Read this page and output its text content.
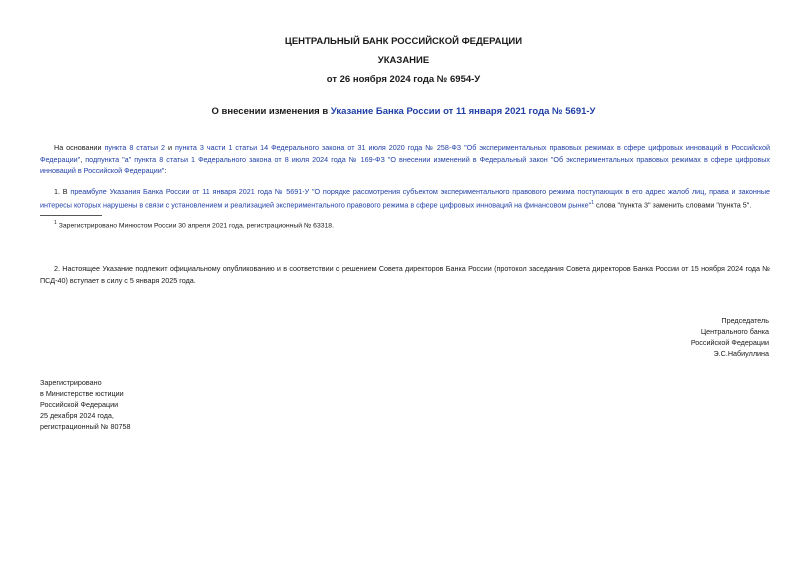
ЦЕНТРАЛЬНЫЙ БАНК РОССИЙСКОЙ ФЕДЕРАЦИИ
УКАЗАНИЕ
от 26 ноября 2024 года № 6954-У
О внесении изменения в Указание Банка России от 11 января 2021 года № 5691-У
На основании пункта 8 статьи 2 и пункта 3 части 1 статьи 14 Федерального закона от 31 июля 2020 года № 258-ФЗ "Об экспериментальных правовых режимах в сфере цифровых инноваций в Российской Федерации", подпункта "а" пункта 8 статьи 1 Федерального закона от 8 июля 2024 года № 169-ФЗ "О внесении изменений в Федеральный закон "Об экспериментальных правовых режимах в сфере цифровых инноваций в Российской Федерации":
1. В преамбуле Указания Банка России от 11 января 2021 года № 5691-У "О порядке рассмотрения субъектом экспериментального правового режима поступающих в его адрес жалоб лиц, права и законные интересы которых нарушены в связи с установлением и реализацией экспериментального правового режима в сфере цифровых инноваций на финансовом рынке"$^1$ слова "пункта 3" заменить словами "пункта 5".
$^1$ Зарегистрировано Минюстом России 30 апреля 2021 года, регистрационный № 63318.
2. Настоящее Указание подлежит официальному опубликованию и в соответствии с решением Совета директоров Банка России (протокол заседания Совета директоров Банка России от 15 ноября 2024 года № ПСД-40) вступает в силу с 5 января 2025 года.
Председатель
Центрального банка
Российской Федерации
Э.С.Набиуллина
Зарегистрировано
в Министерстве юстиции
Российской Федерации
25 декабря 2024 года,
регистрационный № 80758
